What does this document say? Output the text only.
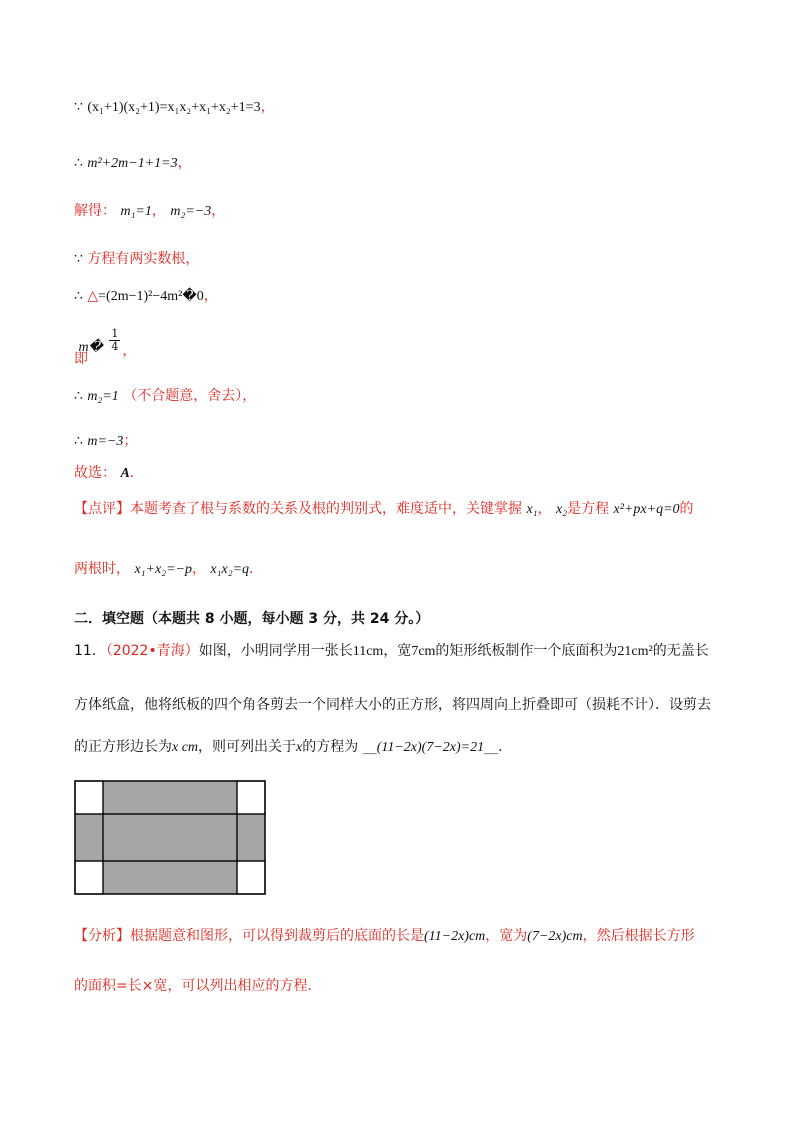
∵ (x₁+1)(x₂+1)=x₁x₂+x₁+x₂+1=3，
∴ m²+2m−1+1=3，
解得： m₁=1， m₂=−3，
∵ 方程有两实数根，
∴ △=(2m−1)²−4m²�0，
即 m� $\frac{1}{4}$ ，
∴ m₂=1 （不合题意，舍去），
∴ m=−3；
故选： A．
【点评】本题考查了根与系数的关系及根的判别式，难度适中，关键掌握 x₁， x₂是方程 x²+px+q=0的
两根时， x₁+x₂=−p， x₁x₂=q．
二．填空题（本题共 8 小题，每小题 3 分，共 24 分。）
11．（2022•青海）如图，小明同学用一张长11cm，宽7cm的矩形纸板制作一个底面积为21cm²的无盖长
方体纸盒，他将纸板的四个角各剪去一个同样大小的正方形，将四周向上折叠即可（损耗不计）．设剪去
的正方形边长为x cm，则可列出关于x的方程为 __(11−2x)(7−2x)=21__．
【分析】根据题意和图形，可以得到裁剪后的底面的长是(11−2x)cm，宽为(7−2x)cm，然后根据长方形
的面积=长×宽，可以列出相应的方程．
